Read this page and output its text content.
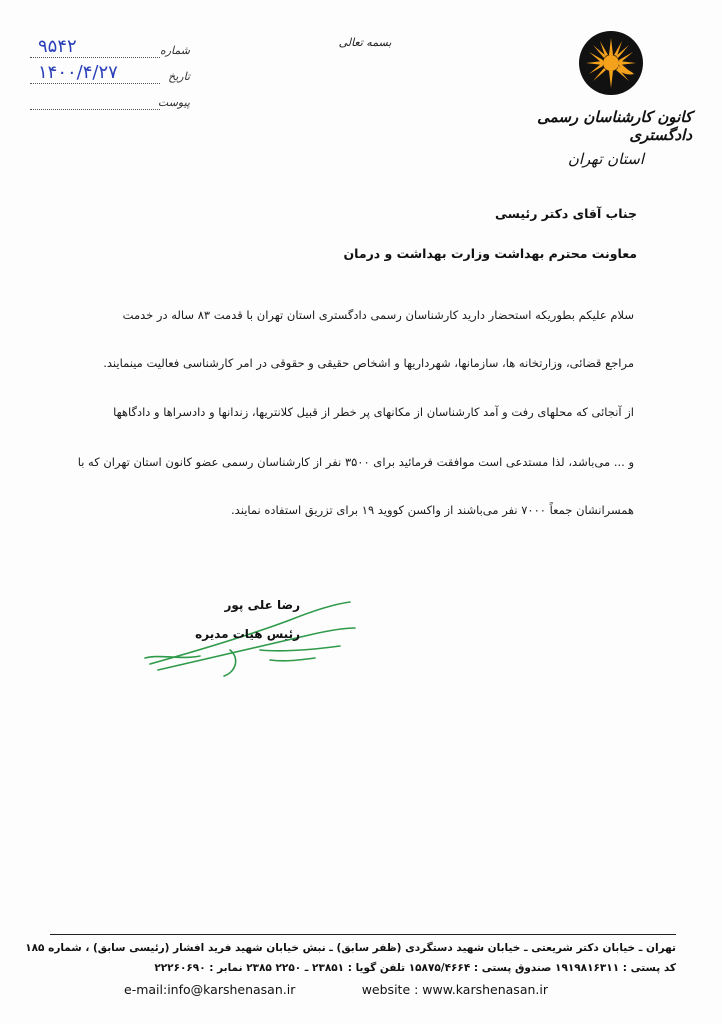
کانون کارشناسان رسمی دادگستری
استان تهران
بسمه تعالی
شماره
۹۵۴۲
تاریخ
۱۴۰۰/۴/۲۷
پیوست
جناب آقای دکتر رئیسی
معاونت محترم بهداشت وزارت بهداشت و درمان
سلام علیکم بطوریکه استحضار دارید کارشناسان رسمی دادگستری استان تهران با قدمت ۸۳ ساله در خدمت
مراجع قضائی، وزارتخانه ها، سازمانها، شهرداریها و اشخاص حقیقی و حقوقی در امر کارشناسی فعالیت مینمایند.
از آنجائی که محلهای رفت و آمد کارشناسان از مکانهای پر خطر از قبیل کلانتریها، زندانها و دادسراها و دادگاهها
و ... می‌باشد، لذا مستدعی است موافقت فرمائید برای ۳۵۰۰ نفر از کارشناسان رسمی عضو کانون استان تهران که با
همسرانشان جمعاً ۷۰۰۰ نفر می‌باشند از واکسن کووید ۱۹ برای تزریق استفاده نمایند.
رضا علی پور
رئیس هیات مدیره
تهران ـ خیابان دکتر شریعتی ـ خیابان شهید دستگردی (ظفر سابق) ـ نبش خیابان شهید فرید افشار (رئیسی سابق) ، شماره ۱۸۵
کد پستی : ۱۹۱۹۸۱۶۳۱۱ صندوق پستی : ۱۵۸۷۵/۴۶۶۴ تلفن گویا : ۲۳۸۵۱ ـ ۲۲۵۰ ۲۳۸۵ نمابر : ۲۲۲۶۰۶۹۰
e-mail:info@karshenasan.ir	website : www.karshenasan.ir
